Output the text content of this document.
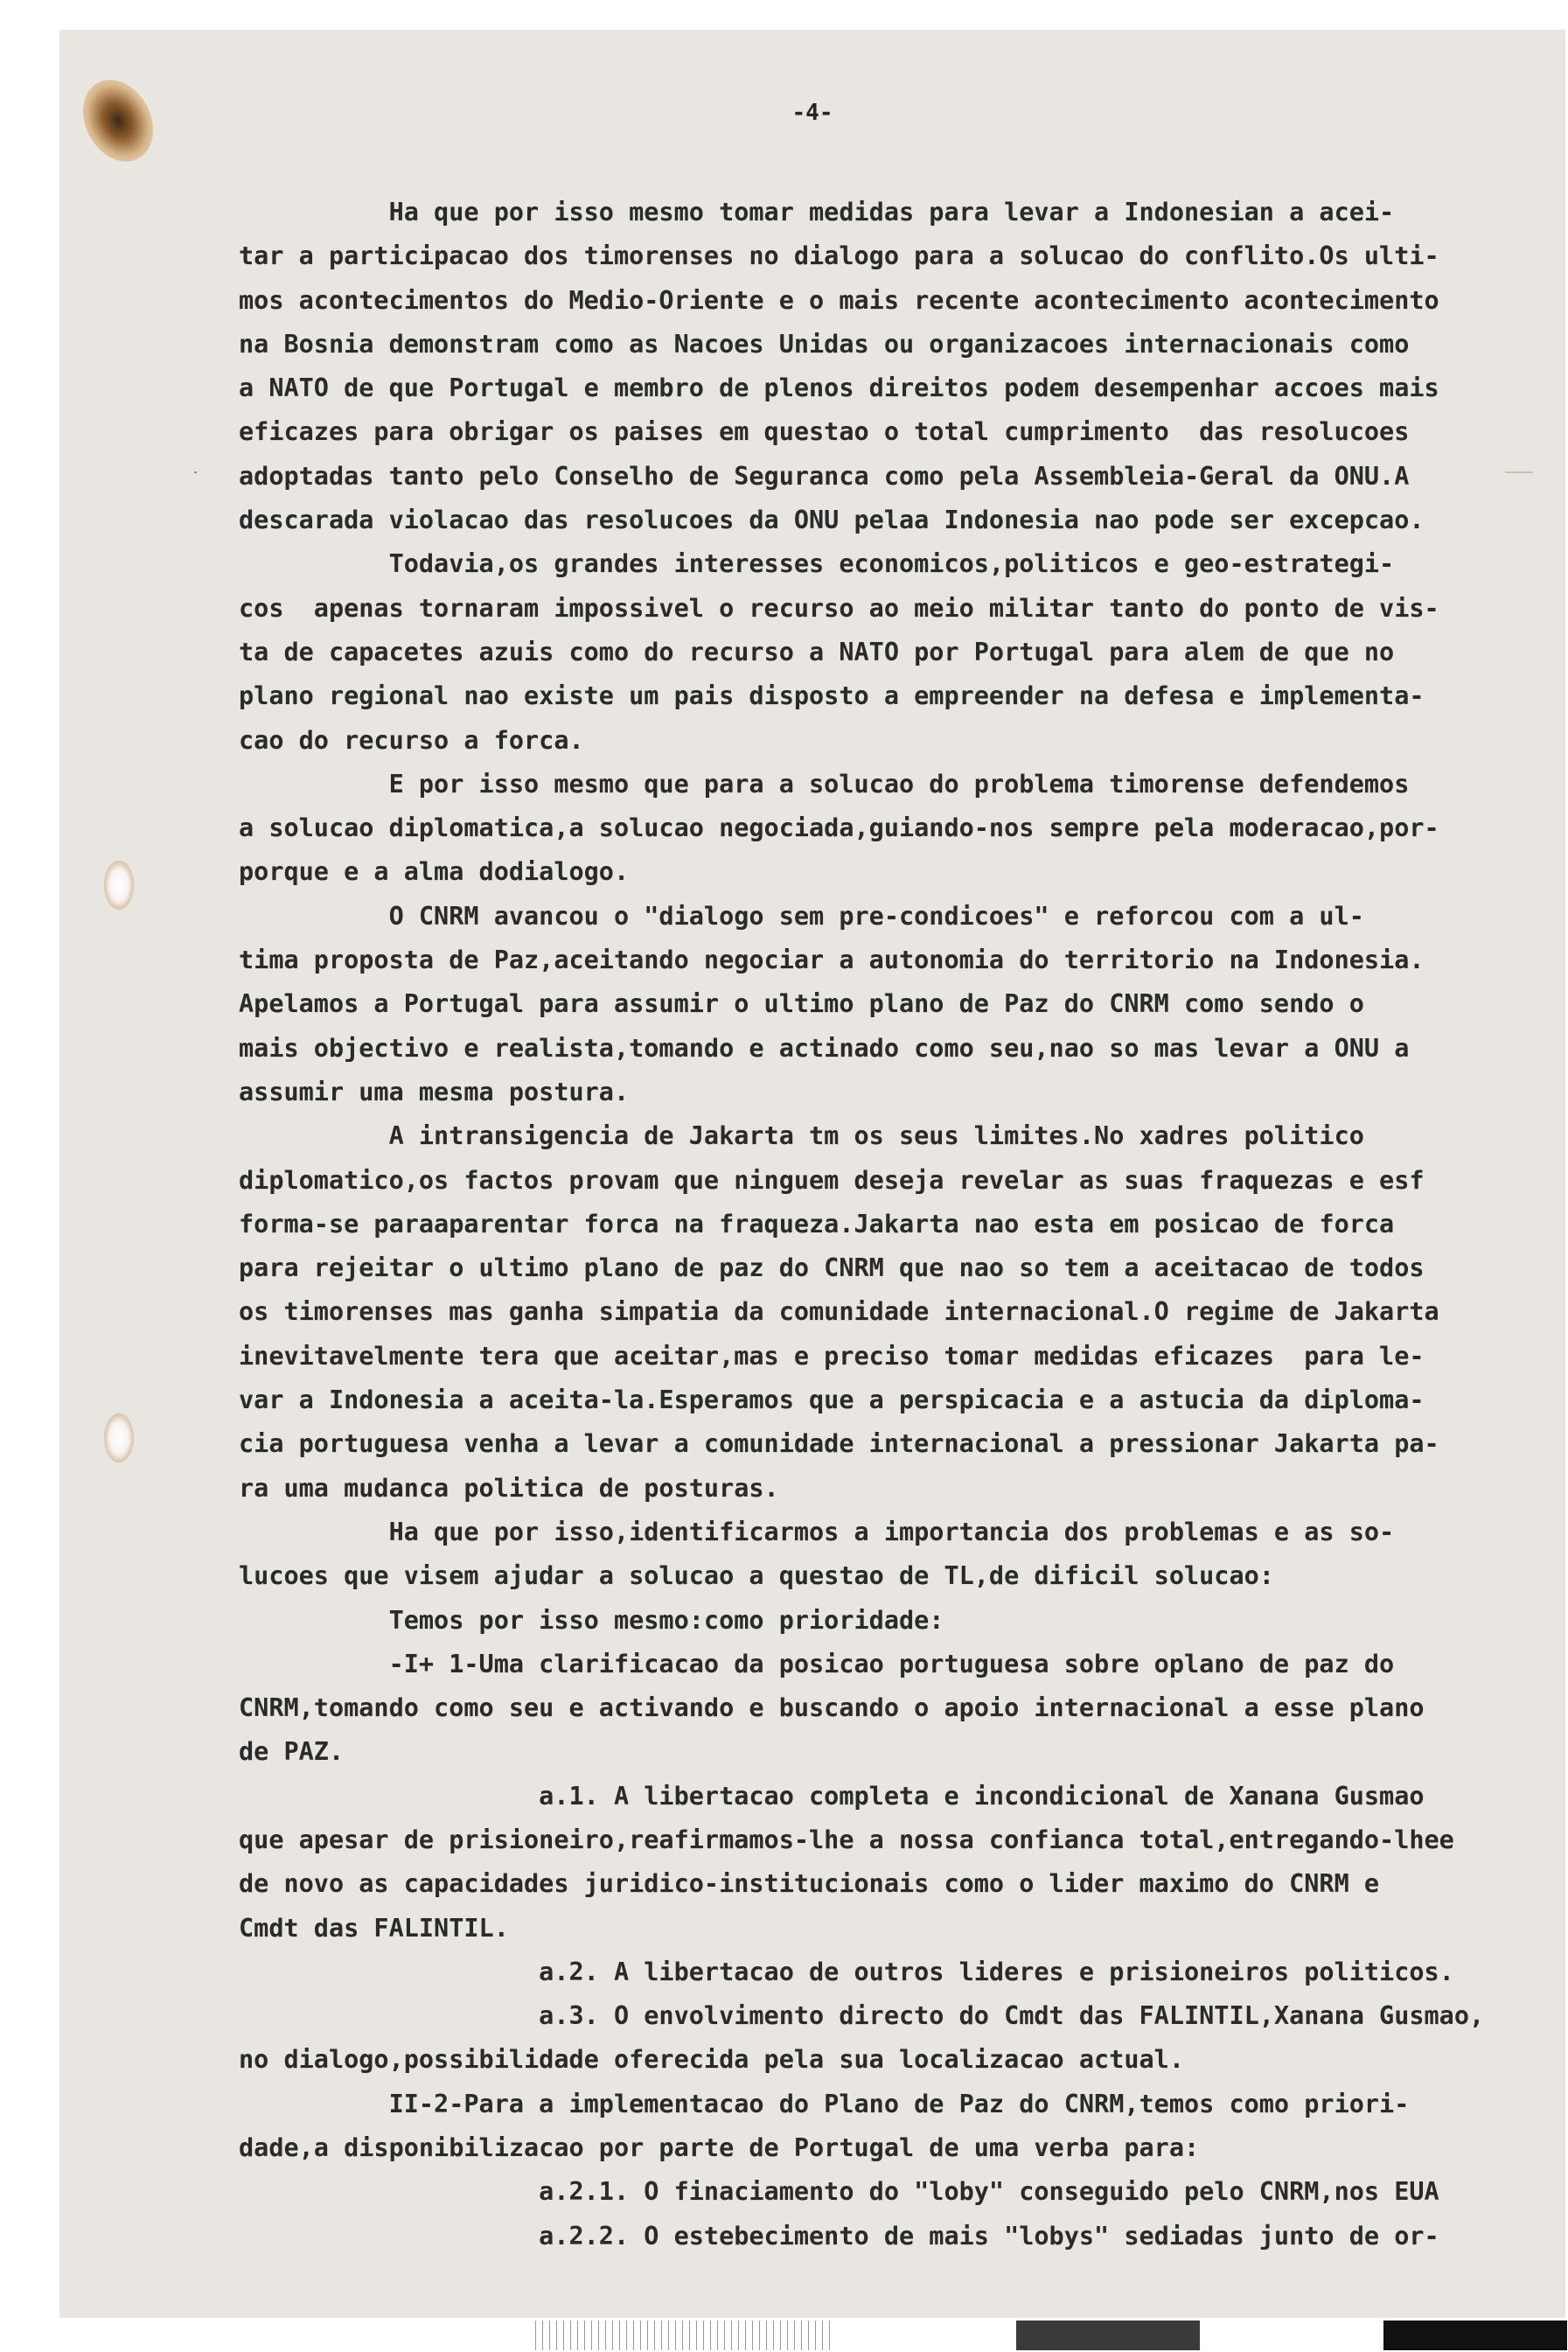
-4-
Ha que por isso mesmo tomar medidas para levar a Indonesian a acei-
tar a participacao dos timorenses no dialogo para a solucao do conflito.Os ulti-
mos acontecimentos do Medio-Oriente e o mais recente acontecimento acontecimento
na Bosnia demonstram como as Nacoes Unidas ou organizacoes internacionais como
a NATO de que Portugal e membro de plenos direitos podem desempenhar accoes mais
eficazes para obrigar os paises em questao o total cumprimento  das resolucoes
adoptadas tanto pelo Conselho de Seguranca como pela Assembleia-Geral da ONU.A
descarada violacao das resolucoes da ONU pelaa Indonesia nao pode ser excepcao.
Todavia,os grandes interesses economicos,politicos e geo-estrategi-
cos  apenas tornaram impossivel o recurso ao meio militar tanto do ponto de vis-
ta de capacetes azuis como do recurso a NATO por Portugal para alem de que no
plano regional nao existe um pais disposto a empreender na defesa e implementa-
cao do recurso a forca.
E por isso mesmo que para a solucao do problema timorense defendemos
a solucao diplomatica,a solucao negociada,guiando-nos sempre pela moderacao,por-
porque e a alma dodialogo.
O CNRM avancou o "dialogo sem pre-condicoes" e reforcou com a ul-
tima proposta de Paz,aceitando negociar a autonomia do territorio na Indonesia.
Apelamos a Portugal para assumir o ultimo plano de Paz do CNRM como sendo o
mais objectivo e realista,tomando e actinado como seu,nao so mas levar a ONU a
assumir uma mesma postura.
A intransigencia de Jakarta tm os seus limites.No xadres politico
diplomatico,os factos provam que ninguem deseja revelar as suas fraquezas e esf
forma-se paraaparentar forca na fraqueza.Jakarta nao esta em posicao de forca
para rejeitar o ultimo plano de paz do CNRM que nao so tem a aceitacao de todos
os timorenses mas ganha simpatia da comunidade internacional.O regime de Jakarta
inevitavelmente tera que aceitar,mas e preciso tomar medidas eficazes  para le-
var a Indonesia a aceita-la.Esperamos que a perspicacia e a astucia da diploma-
cia portuguesa venha a levar a comunidade internacional a pressionar Jakarta pa-
ra uma mudanca politica de posturas.
Ha que por isso,identificarmos a importancia dos problemas e as so-
lucoes que visem ajudar a solucao a questao de TL,de dificil solucao:
Temos por isso mesmo:como prioridade:
-I+ 1-Uma clarificacao da posicao portuguesa sobre oplano de paz do
CNRM,tomando como seu e activando e buscando o apoio internacional a esse plano
de PAZ.
a.1. A libertacao completa e incondicional de Xanana Gusmao
que apesar de prisioneiro,reafirmamos-lhe a nossa confianca total,entregando-lhee
de novo as capacidades juridico-institucionais como o lider maximo do CNRM e
Cmdt das FALINTIL.
a.2. A libertacao de outros lideres e prisioneiros politicos.
a.3. O envolvimento directo do Cmdt das FALINTIL,Xanana Gusmao,
no dialogo,possibilidade oferecida pela sua localizacao actual.
II-2-Para a implementacao do Plano de Paz do CNRM,temos como priori-
dade,a disponibilizacao por parte de Portugal de uma verba para:
a.2.1. O finaciamento do "loby" conseguido pelo CNRM,nos EUA
a.2.2. O estebecimento de mais "lobys" sediadas junto de or-
